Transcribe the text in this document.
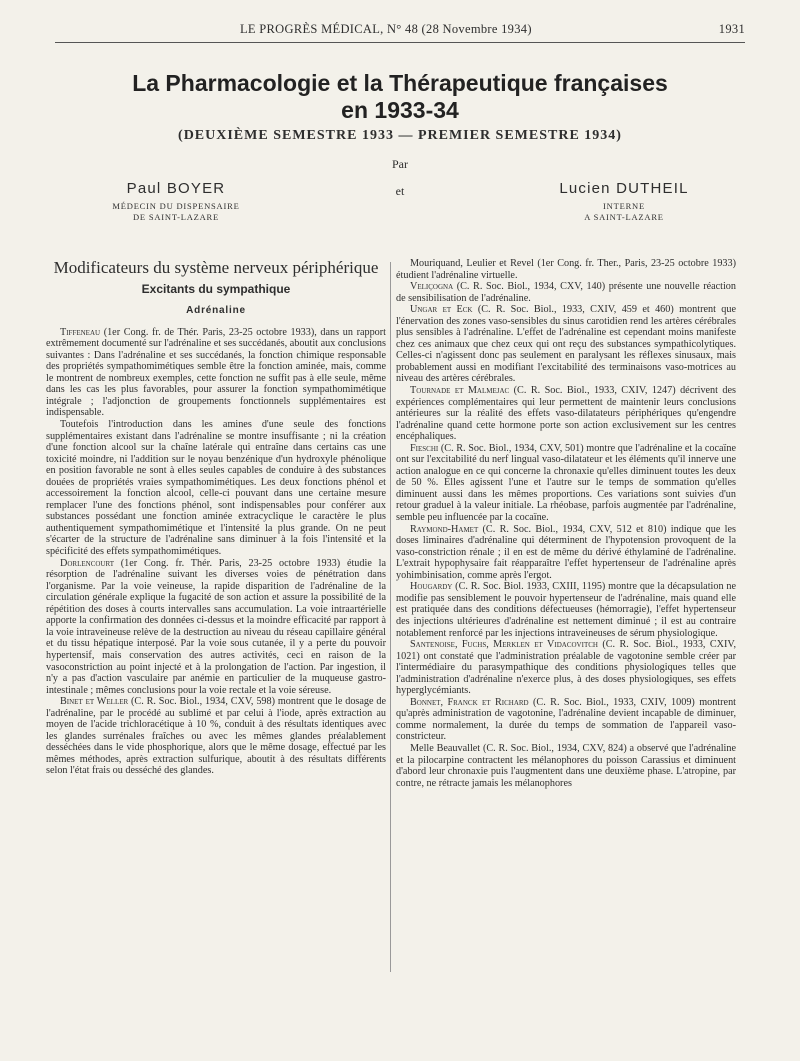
LE PROGRÈS MÉDICAL, N° 48 (28 Novembre 1934)	1931
La Pharmacologie et la Thérapeutique françaises
en 1933-34
(DEUXIÈME SEMESTRE 1933 — PREMIER SEMESTRE 1934)
Par
et
Paul BOYER
MÉDECIN DU DISPENSAIRE
DE SAINT-LAZARE
Lucien DUTHEIL
INTERNE
A SAINT-LAZARE
Modificateurs du système nerveux périphérique
Excitants du sympathique
Adrénaline

Tiffeneau (1er Cong. fr. de Thér. Paris, 23-25 octobre 1933), dans un rapport extrêmement documenté sur l'adrénaline et ses succédanés, aboutit aux conclusions suivantes : Dans l'adrénaline et ses succédanés, la fonction chimique responsable des propriétés sympathomimétiques semble être la fonction aminée, mais, comme le montrent de nombreux exemples, cette fonction ne suffit pas à elle seule, même dans les cas les plus favorables, pour assurer la fonction sympathomimétique intégrale ; l'adjonction de groupements fonctionnels supplémentaires est indispensable.

Toutefois l'introduction dans les amines d'une seule des fonctions supplémentaires existant dans l'adrénaline se montre insuffisante ; ni la création d'une fonction alcool sur la chaîne latérale qui entraîne dans certains cas une toxicité moindre, ni l'addition sur le noyau benzénique d'un hydroxyle phénolique en position favorable ne sont à elles seules capables de conduire à des substances douées de propriétés vraies sympathomimétiques. Les deux fonctions phénol et accessoirement la fonction alcool, celle-ci pouvant dans une certaine mesure remplacer l'une des fonctions phénol, sont indispensables pour conférer aux substances possédant une fonction aminée extracyclique le caractère le plus authentiquement sympathomimétique et l'intensité la plus grande. On ne peut s'écarter de la structure de l'adrénaline sans diminuer à la fois l'intensité et la spécificité des effets sympathomimétiques.

Dorlencourt (1er Cong. fr. Thér. Paris, 23-25 octobre 1933) étudie la résorption de l'adrénaline suivant les diverses voies de pénétration dans l'organisme. Par la voie veineuse, la rapide disparition de l'adrénaline de la circulation générale explique la fugacité de son action et assure la possibilité de la répétition des doses à courts intervalles sans accumulation. La voie intraartérielle apporte la confirmation des données ci-dessus et la moindre efficacité par rapport à la voie intraveineuse relève de la destruction au niveau du réseau capillaire général et du tissu hépatique interposé. Par la voie sous cutanée, il y a perte du pouvoir hypertensif, mais conservation des autres activités, ceci en raison de la vasoconstriction au point injecté et à la prolongation de l'action. Par ingestion, il n'y a pas d'action vasculaire par anémie en particulier de la muqueuse gastro-intestinale ; mêmes conclusions pour la voie rectale et la voie séreuse.

Binet et Weller (C. R. Soc. Biol., 1934, CXV, 598) montrent que le dosage de l'adrénaline, par le procédé au sublimé et par celui à l'iode, après extraction au moyen de l'acide trichloracétique à 10 %, conduit à des résultats identiques avec les glandes surrénales fraîches ou avec les mêmes glandes préalablement desséchées dans le vide phosphorique, alors que le même dosage, effectué par les mêmes méthodes, après extraction sulfurique, aboutit à des résultats différents selon l'état frais ou desséché des glandes.

Mouriquand, Leulier et Revel (1er Cong. fr. Ther., Paris, 23-25 octobre 1933) étudient l'adrénaline virtuelle.

Veliçogna (C. R. Soc. Biol., 1934, CXV, 140) présente une nouvelle réaction de sensibilisation de l'adrénaline.

Ungar et Eck (C. R. Soc. Biol., 1933, CXIV, 459 et 460) montrent que l'énervation des zones vaso-sensibles du sinus carotidien rend les artères cérébrales plus sensibles à l'adrénaline. L'effet de l'adrénaline est cependant moins manifeste chez ces animaux que chez ceux qui ont reçu des substances sympathicolytiques. Celles-ci n'agissent donc pas seulement en paralysant les réflexes sinusaux, mais probablement aussi en modifiant l'excitabilité des terminaisons vaso-motrices au niveau des artères cérébrales.

Tournade et Malmejac (C. R. Soc. Biol., 1933, CXIV, 1247) décrivent des expériences complémentaires qui leur permettent de maintenir leurs conclusions antérieures sur la réalité des effets vaso-dilatateurs périphériques qu'engendre l'adrénaline quand cette hormone porte son action exclusivement sur les centres encéphaliques.

Fieschi (C. R. Soc. Biol., 1934, CXV, 501) montre que l'adrénaline et la cocaïne ont sur l'excitabilité du nerf lingual vaso-dilatateur et les éléments qu'il innerve une action analogue en ce qui concerne la chronaxie qu'elles diminuent toutes les deux de 50 %. Elles agissent l'une et l'autre sur le temps de sommation qu'elles diminuent aussi dans les mêmes proportions. Ces variations sont suivies d'un retour graduel à la valeur initiale. La rhéobase, parfois augmentée par l'adrénaline, semble peu influencée par la cocaïne.

Raymond-Hamet (C. R. Soc. Biol., 1934, CXV, 512 et 810) indique que les doses liminaires d'adrénaline qui déterminent de l'hypotension provoquent de la vaso-constriction rénale ; il en est de même du dérivé éthylaminé de l'adrénaline. L'extrait hypophysaire fait réapparaître l'effet hypertenseur de l'adrénaline après yohimbinisation, comme après l'ergot.

Hougardy (C. R. Soc. Biol. 1933, CXIII, 1195) montre que la décapsulation ne modifie pas sensiblement le pouvoir hypertenseur de l'adrénaline, mais quand elle est pratiquée dans des conditions défectueuses (hémorragie), l'effet hypertenseur des injections ultérieures d'adrénaline est nettement diminué ; il est au contraire notablement renforcé par les injections intraveineuses de sérum physiologique.

Santenoise, Fuchs, Merklen et Vidacovitch (C. R. Soc. Biol., 1933, CXIV, 1021) ont constaté que l'administration préalable de vagotonine semble créer par l'intermédiaire du parasympathique des conditions physiologiques telles que l'administration d'adrénaline n'exerce plus, à des doses physiologiques, ses effets hyperglycémiants.

Bonnet, Franck et Richard (C. R. Soc. Biol., 1933, CXIV, 1009) montrent qu'après administration de vagotonine, l'adrénaline devient incapable de diminuer, comme normalement, la durée du temps de sommation de l'appareil vaso-constricteur.

Melle Beauvallet (C. R. Soc. Biol., 1934, CXV, 824) a observé que l'adrénaline et la pilocarpine contractent les mélanophores du poisson Carassius et diminuent d'abord leur chronaxie puis l'augmentent dans une deuxième phase. L'atropine, par contre, ne rétracte jamais les mélanophores
